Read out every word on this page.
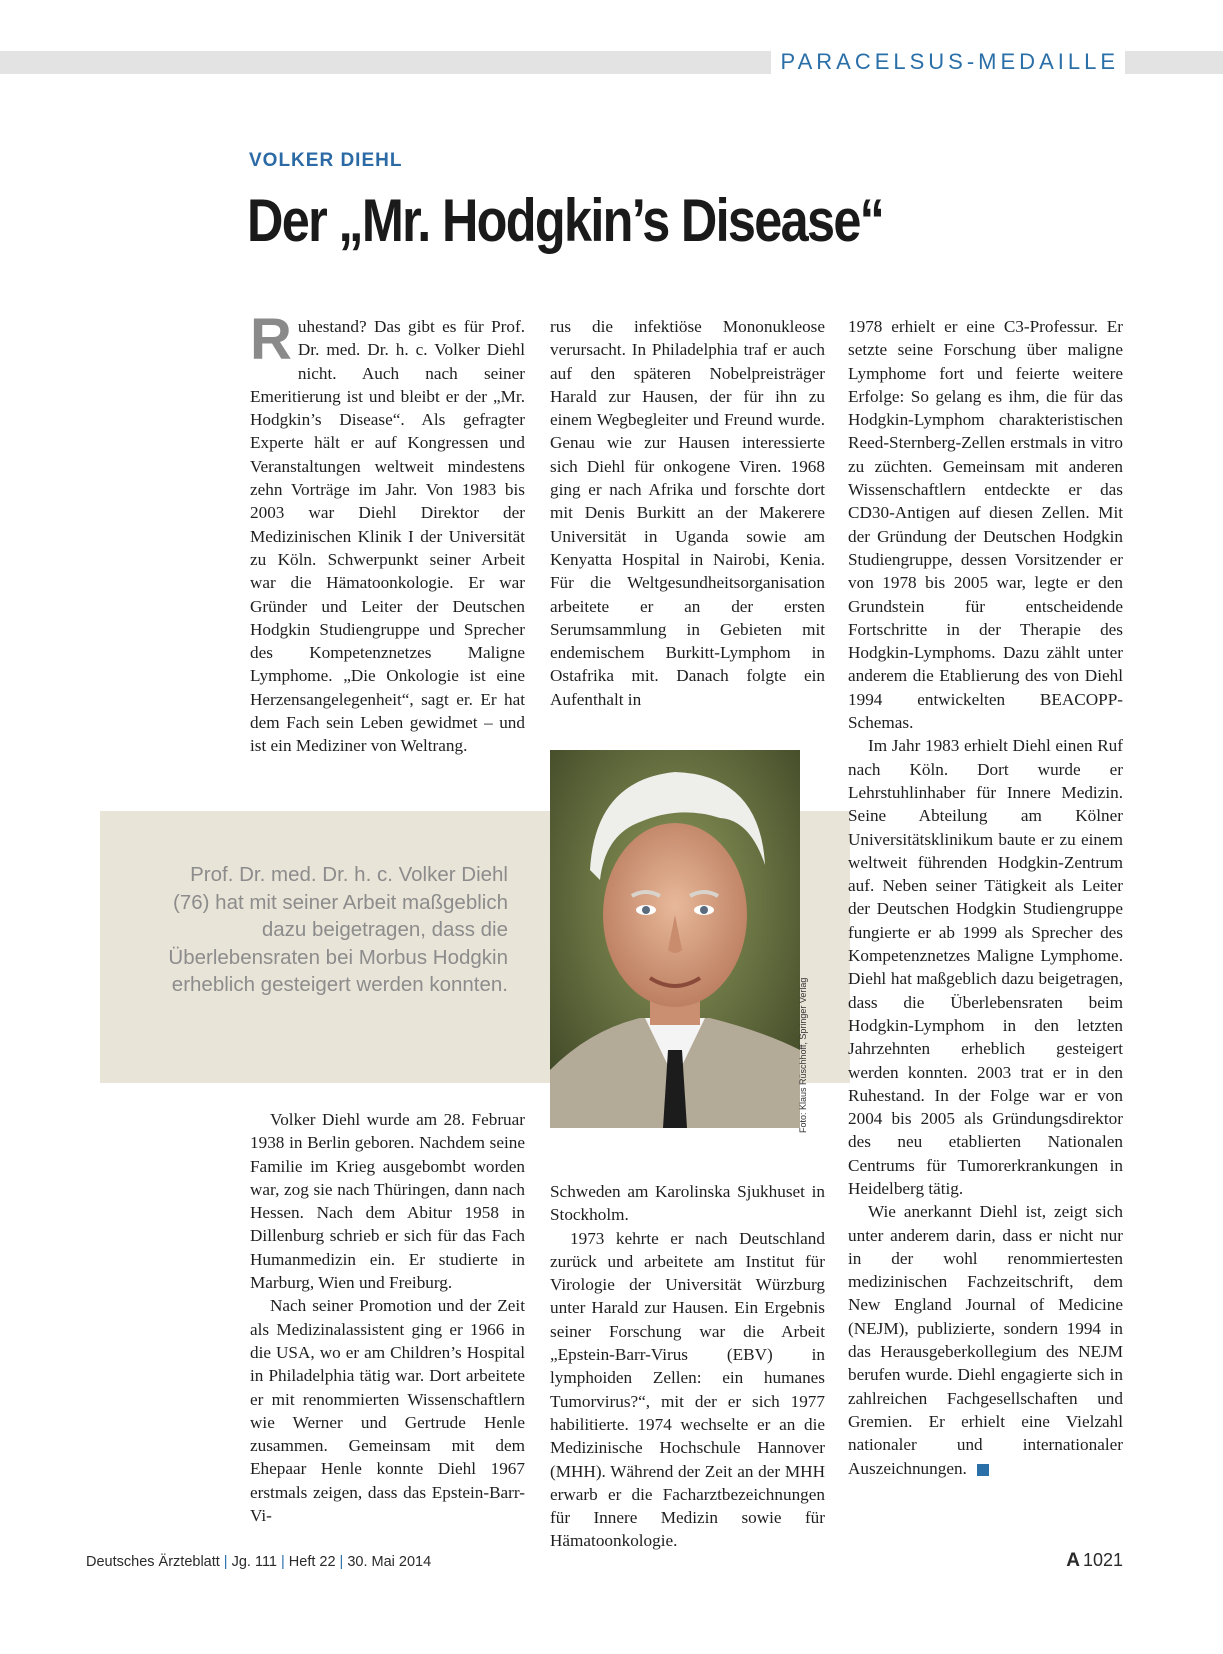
PARACELSUS-MEDAILLE
VOLKER DIEHL
Der „Mr. Hodgkin’s Disease“
R uhestand? Das gibt es für Prof. Dr. med. Dr. h. c. Volker Diehl nicht. Auch nach seiner Emeritierung ist und bleibt er der „Mr. Hodgkin’s Disease“. Als gefragter Experte hält er auf Kongressen und Veranstaltungen weltweit mindestens zehn Vorträge im Jahr. Von 1983 bis 2003 war Diehl Direktor der Medizinischen Klinik I der Universität zu Köln. Schwerpunkt seiner Arbeit war die Hämatoonkologie. Er war Gründer und Leiter der Deutschen Hodgkin Studiengruppe und Sprecher des Kompetenznetzes Maligne Lymphome. „Die Onkologie ist eine Herzensangelegenheit“, sagt er. Er hat dem Fach sein Leben gewidmet – und ist ein Mediziner von Weltrang.

Prof. Dr. med. Dr. h. c. Volker Diehl (76) hat mit seiner Arbeit maßgeblich dazu beigetragen, dass die Überlebensraten bei Morbus Hodgkin erheblich gesteigert werden konnten.

Volker Diehl wurde am 28. Februar 1938 in Berlin geboren. Nachdem seine Familie im Krieg ausgebombt worden war, zog sie nach Thüringen, dann nach Hessen. Nach dem Abitur 1958 in Dillenburg schrieb er sich für das Fach Humanmedizin ein. Er studierte in Marburg, Wien und Freiburg.

Nach seiner Promotion und der Zeit als Medizinalassistent ging er 1966 in die USA, wo er am Children’s Hospital in Philadelphia tätig war. Dort arbeitete er mit renommierten Wissenschaftlern wie Werner und Gertrude Henle zusammen. Gemeinsam mit dem Ehepaar Henle konnte Diehl 1967 erstmals zeigen, dass das Epstein-Barr-Vi-

rus die infektiöse Mononukleose verursacht. In Philadelphia traf er auch auf den späteren Nobelpreisträger Harald zur Hausen, der für ihn zu einem Wegbegleiter und Freund wurde. Genau wie zur Hausen interessierte sich Diehl für onkogene Viren. 1968 ging er nach Afrika und forschte dort mit Denis Burkitt an der Makerere Universität in Uganda sowie am Kenyatta Hospital in Nairobi, Kenia. Für die Weltgesundheitsorganisation arbeitete er an der ersten Serumsammlung in Gebieten mit endemischem Burkitt-Lymphom in Ostafrika mit. Danach folgte ein Aufenthalt in

Foto: Klaus Rüschhoff, Springer Verlag

Schweden am Karolinska Sjukhuset in Stockholm.

1973 kehrte er nach Deutschland zurück und arbeitete am Institut für Virologie der Universität Würzburg unter Harald zur Hausen. Ein Ergebnis seiner Forschung war die Arbeit „Epstein-Barr-Virus (EBV) in lymphoiden Zellen: ein humanes Tumorvirus?“, mit der er sich 1977 habilitierte. 1974 wechselte er an die Medizinische Hochschule Hannover (MHH). Während der Zeit an der MHH erwarb er die Facharztbezeichnungen für Innere Medizin sowie für Hämatoonkologie.

1978 erhielt er eine C3-Professur. Er setzte seine Forschung über maligne Lymphome fort und feierte weitere Erfolge: So gelang es ihm, die für das Hodgkin-Lymphom charakteristischen Reed-Sternberg-Zellen erstmals in vitro zu züchten. Gemeinsam mit anderen Wissenschaftlern entdeckte er das CD30-Antigen auf diesen Zellen. Mit der Gründung der Deutschen Hodgkin Studiengruppe, dessen Vorsitzender er von 1978 bis 2005 war, legte er den Grundstein für entscheidende Fortschritte in der Therapie des Hodgkin-Lymphoms. Dazu zählt unter anderem die Etablierung des von Diehl 1994 entwickelten BEACOPP-Schemas.

Im Jahr 1983 erhielt Diehl einen Ruf nach Köln. Dort wurde er Lehrstuhlinhaber für Innere Medizin. Seine Abteilung am Kölner Universitätsklinikum baute er zu einem weltweit führenden Hodgkin-Zentrum auf. Neben seiner Tätigkeit als Leiter der Deutschen Hodgkin Studiengruppe fungierte er ab 1999 als Sprecher des Kompetenznetzes Maligne Lymphome. Diehl hat maßgeblich dazu beigetragen, dass die Überlebensraten beim Hodgkin-Lymphom in den letzten Jahrzehnten erheblich gesteigert werden konnten. 2003 trat er in den Ruhestand. In der Folge war er von 2004 bis 2005 als Gründungsdirektor des neu etablierten Nationalen Centrums für Tumorerkrankungen in Heidelberg tätig.

Wie anerkannt Diehl ist, zeigt sich unter anderem darin, dass er nicht nur in der wohl renommiertesten medizinischen Fachzeitschrift, dem New England Journal of Medicine (NEJM), publizierte, sondern 1994 in das Herausgeberkollegium des NEJM berufen wurde. Diehl engagierte sich in zahlreichen Fachgesellschaften und Gremien. Er erhielt eine Vielzahl nationaler und internationaler Auszeichnungen.

Deutsches Ärzteblatt | Jg. 111 | Heft 22 | 30. Mai 2014	A 1021
